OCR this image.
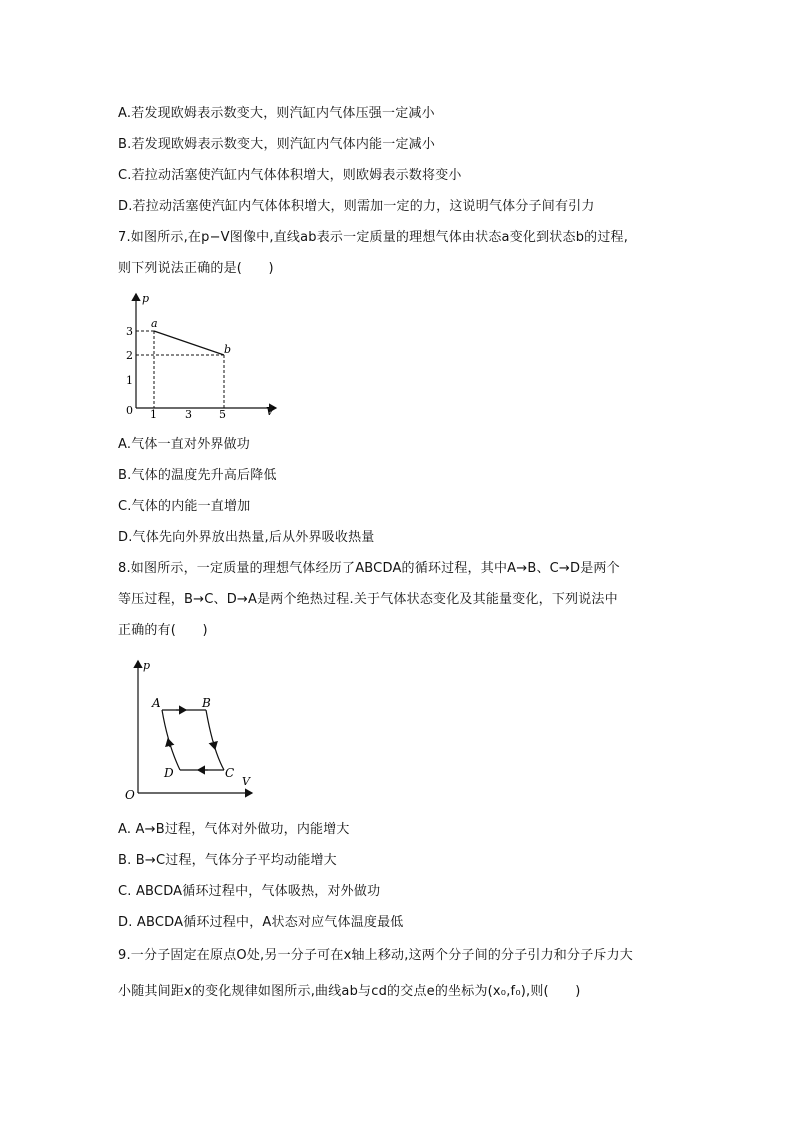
A.若发现欧姆表示数变大，则汽缸内气体压强一定减小
B.若发现欧姆表示数变大，则汽缸内气体内能一定减小
C.若拉动活塞使汽缸内气体体积增大，则欧姆表示数将变小
D.若拉动活塞使汽缸内气体体积增大，则需加一定的力，这说明气体分子间有引力
7.如图所示,在p−V图像中,直线ab表示一定质量的理想气体由状态a变化到状态b的过程,
则下列说法正确的是(　　)
p
V
0
3
2
1
1	3 5
a
b
A.气体一直对外界做功
B.气体的温度先升高后降低
C.气体的内能一直增加
D.气体先向外界放出热量,后从外界吸收热量
8.如图所示，一定质量的理想气体经历了ABCDA的循环过程，其中A→B、C→D是两个
等压过程，B→C、D→A是两个绝热过程.关于气体状态变化及其能量变化，下列说法中
正确的有(　　)
p
V
O
A	B
C
D
A. A→B过程，气体对外做功，内能增大
B. B→C过程，气体分子平均动能增大
C. ABCDA循环过程中，气体吸热，对外做功
D. ABCDA循环过程中，A状态对应气体温度最低
9.一分子固定在原点O处,另一分子可在x轴上移动,这两个分子间的分子引力和分子斥力大
小随其间距x的变化规律如图所示,曲线ab与cd的交点e的坐标为(x₀,f₀),则(　　)
